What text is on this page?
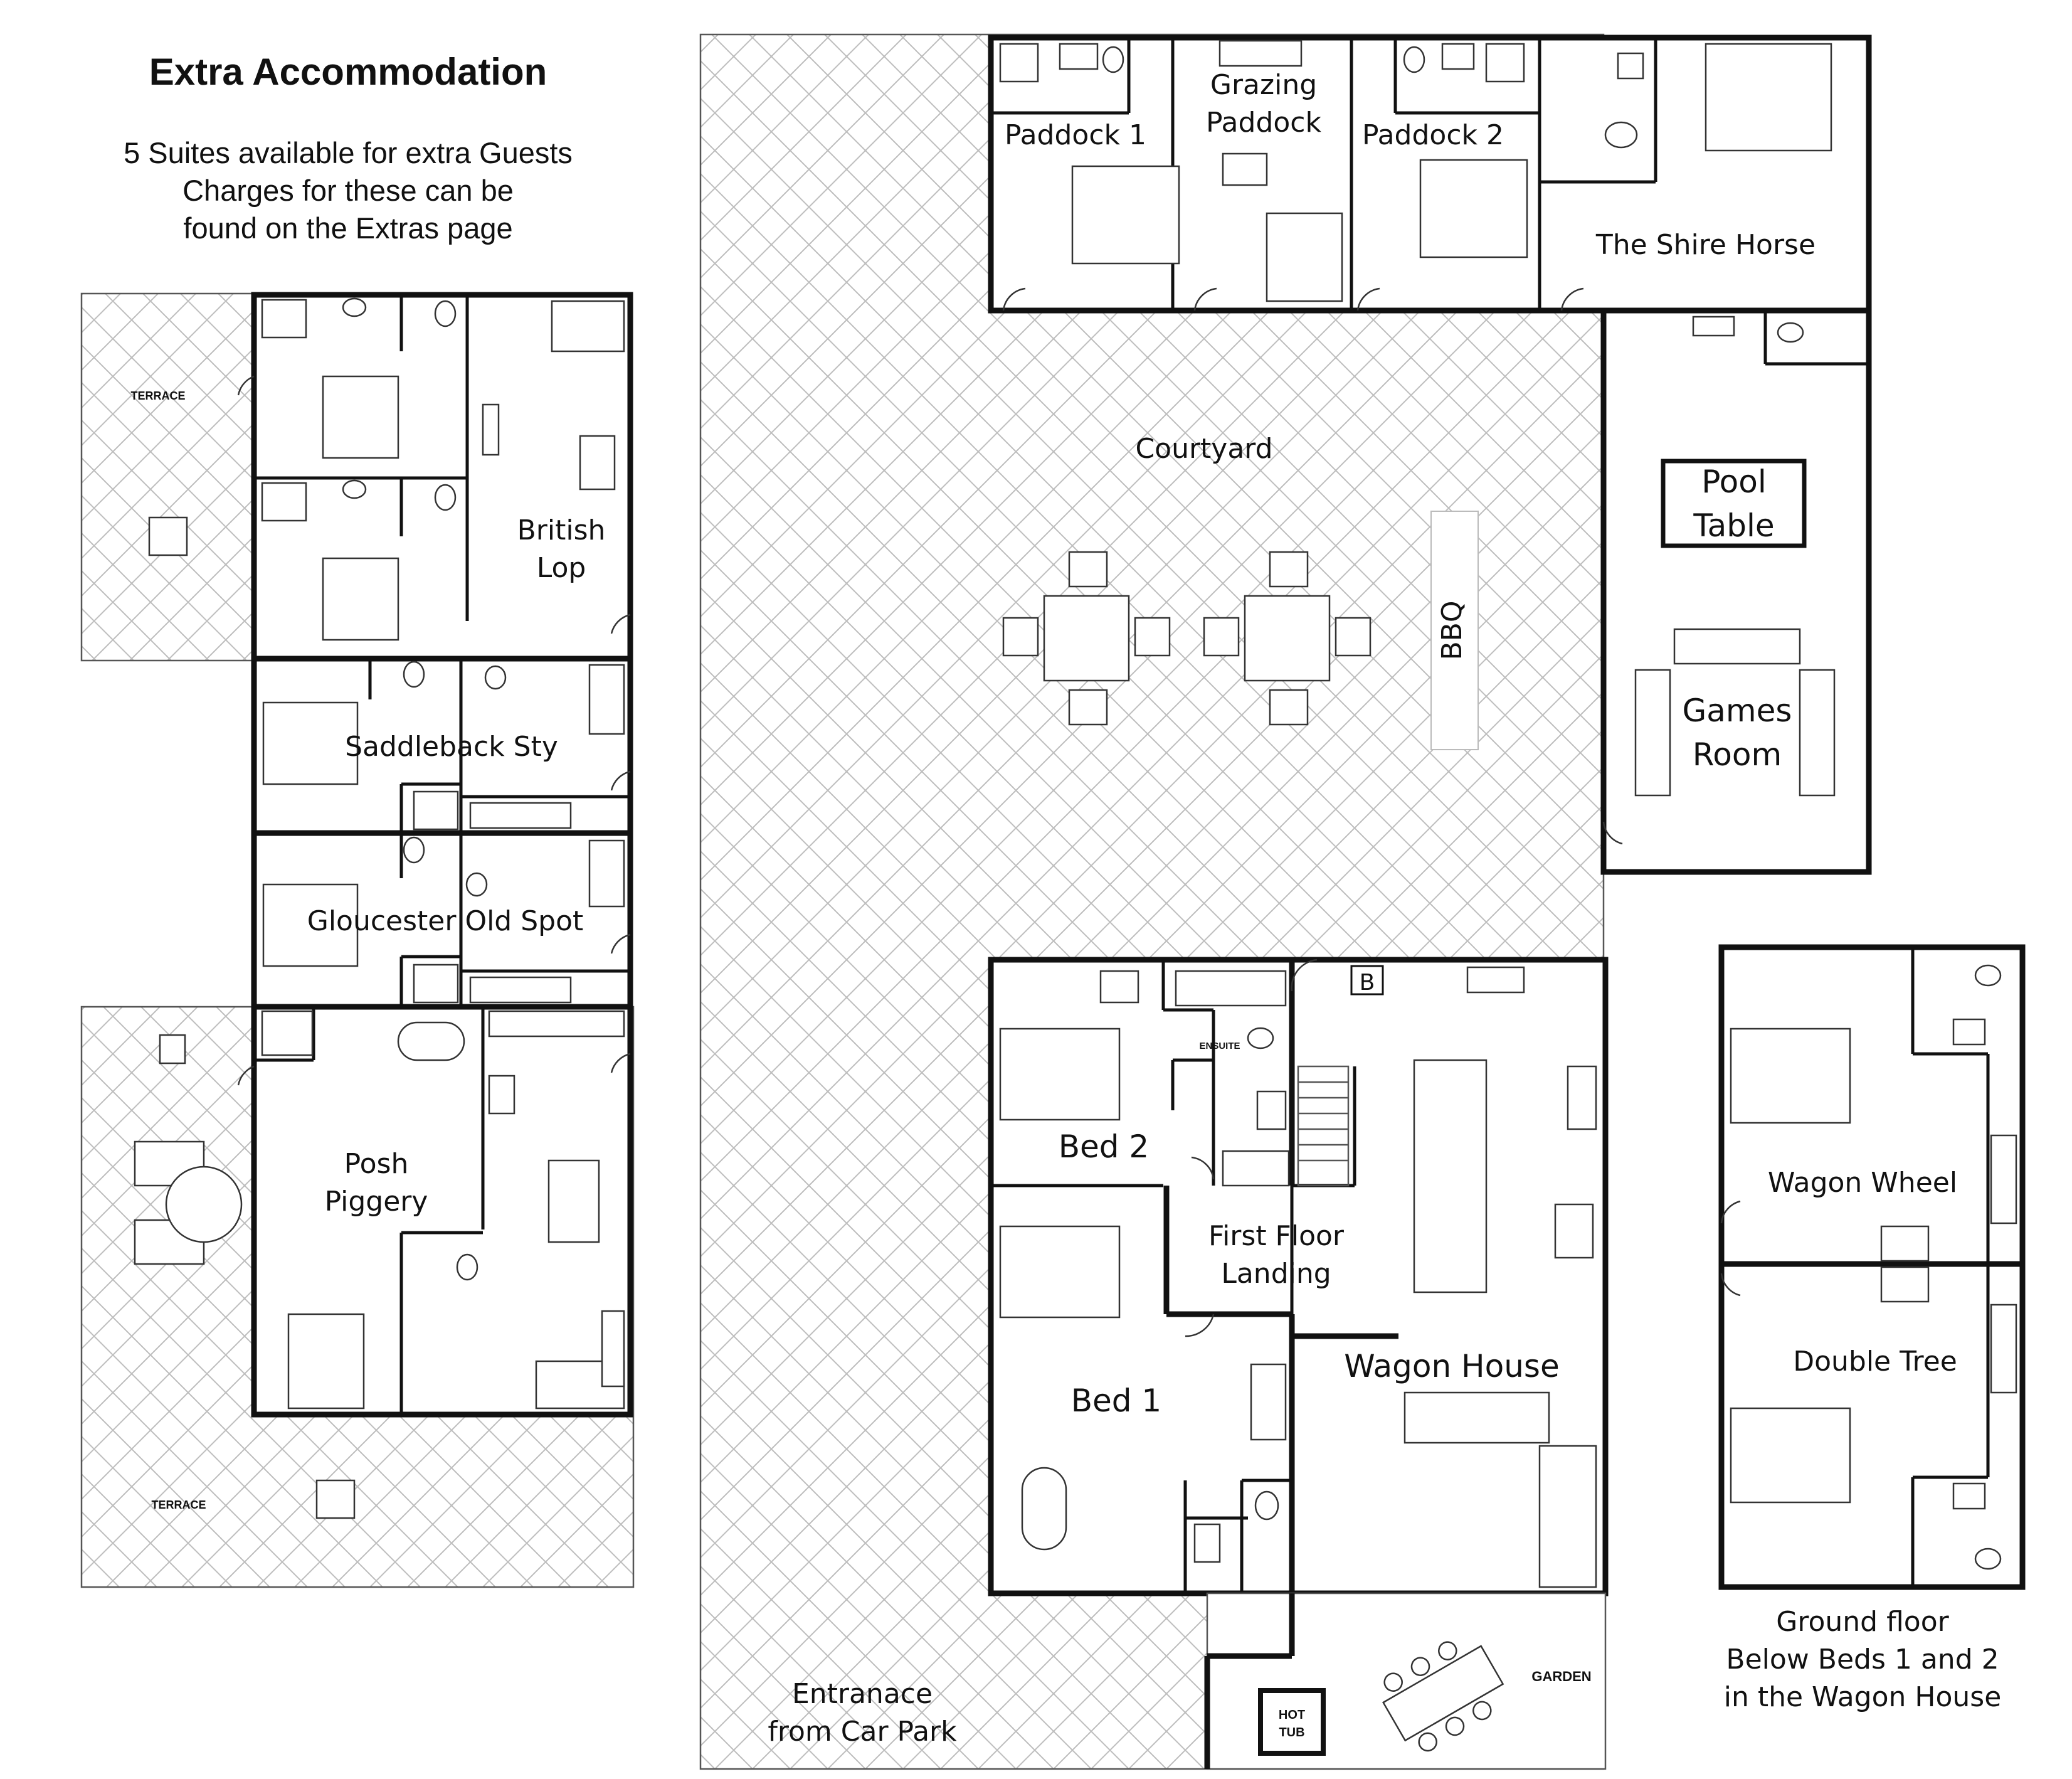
Extra Accommodation
5 Suites available for extra Guests
Charges for these can be
found on the Extras page
British
Lop
Saddleback Sty
Gloucester Old Spot
Posh
Piggery
TERRACE
TERRACE
Paddock 1
Grazing
Paddock Paddock 2
The Shire Horse
Courtyard
BBQ
Pool
Table
Games
Room
Bed 2
Bed 1
ENSUITE
First Floor
Landing
Wagon House
B
GARDEN
HOT
TUB
Entranace
from Car Park
Wagon Wheel
Double Tree
Ground floor
Below Beds 1 and 2
in the Wagon House
